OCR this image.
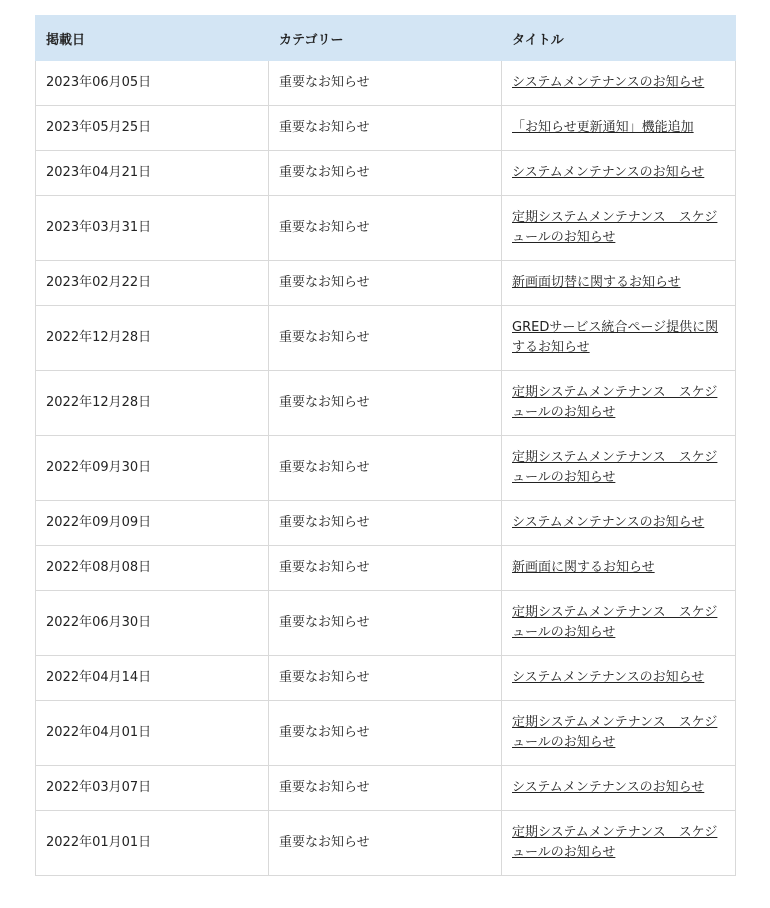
掲載日	カテゴリー	タイトル
2023年06月05日	重要なお知らせ	システムメンテナンスのお知らせ
2023年05月25日	重要なお知らせ	「お知らせ更新通知」機能追加
2023年04月21日	重要なお知らせ	システムメンテナンスのお知らせ
2023年03月31日	重要なお知らせ	定期システムメンテナンス　スケジュールのお知らせ
2023年02月22日	重要なお知らせ	新画面切替に関するお知らせ
2022年12月28日	重要なお知らせ	GREDサービス統合ページ提供に関するお知らせ
2022年12月28日	重要なお知らせ	定期システムメンテナンス　スケジュールのお知らせ
2022年09月30日	重要なお知らせ	定期システムメンテナンス　スケジュールのお知らせ
2022年09月09日	重要なお知らせ	システムメンテナンスのお知らせ
2022年08月08日	重要なお知らせ	新画面に関するお知らせ
2022年06月30日	重要なお知らせ	定期システムメンテナンス　スケジュールのお知らせ
2022年04月14日	重要なお知らせ	システムメンテナンスのお知らせ
2022年04月01日	重要なお知らせ	定期システムメンテナンス　スケジュールのお知らせ
2022年03月07日	重要なお知らせ	システムメンテナンスのお知らせ
2022年01月01日	重要なお知らせ	定期システムメンテナンス　スケジュールのお知らせ
